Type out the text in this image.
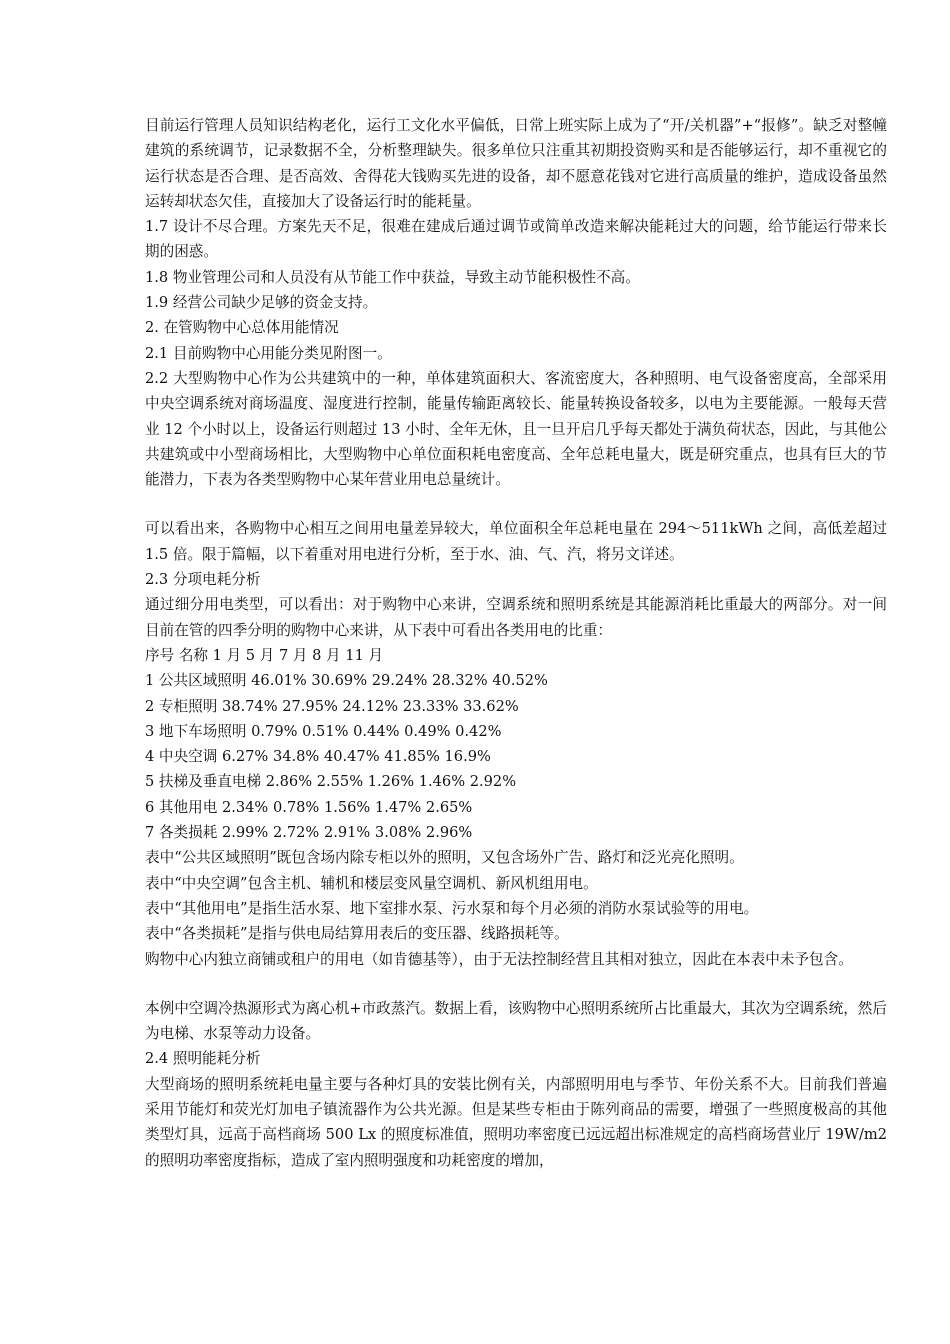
目前运行管理人员知识结构老化，运行工文化水平偏低，日常上班实际上成为了“开/关机器”+“报修”。缺乏对整幢建筑的系统调节，记录数据不全，分析整理缺失。很多单位只注重其初期投资购买和是否能够运行，却不重视它的运行状态是否合理、是否高效、舍得花大钱购买先进的设备，却不愿意花钱对它进行高质量的维护，造成设备虽然运转却状态欠佳，直接加大了设备运行时的能耗量。

1.7 设计不尽合理。方案先天不足，很难在建成后通过调节或简单改造来解决能耗过大的问题，给节能运行带来长期的困惑。

1.8 物业管理公司和人员没有从节能工作中获益，导致主动节能积极性不高。

1.9 经营公司缺少足够的资金支持。

2. 在管购物中心总体用能情况

2.1 目前购物中心用能分类见附图一。

2.2 大型购物中心作为公共建筑中的一种，单体建筑面积大、客流密度大，各种照明、电气设备密度高，全部采用中央空调系统对商场温度、湿度进行控制，能量传输距离较长、能量转换设备较多，以电为主要能源。一般每天营业 12 个小时以上，设备运行则超过 13 小时、全年无休，且一旦开启几乎每天都处于满负荷状态，因此，与其他公共建筑或中小型商场相比，大型购物中心单位面积耗电密度高、全年总耗电量大，既是研究重点，也具有巨大的节能潜力，下表为各类型购物中心某年营业用电总量统计。

可以看出来，各购物中心相互之间用电量差异较大，单位面积全年总耗电量在 294～511kWh 之间，高低差超过 1.5 倍。限于篇幅，以下着重对用电进行分析，至于水、油、气、汽，将另文详述。

2.3 分项电耗分析

通过细分用电类型，可以看出：对于购物中心来讲，空调系统和照明系统是其能源消耗比重最大的两部分。对一间目前在管的四季分明的购物中心来讲，从下表中可看出各类用电的比重：

序号 名称 1 月 5 月 7 月 8 月 11 月

1 公共区域照明 46.01% 30.69% 29.24% 28.32% 40.52%

2 专柜照明 38.74% 27.95% 24.12% 23.33% 33.62%

3 地下车场照明 0.79% 0.51% 0.44% 0.49% 0.42%

4 中央空调 6.27% 34.8% 40.47% 41.85% 16.9%

5 扶梯及垂直电梯 2.86% 2.55% 1.26% 1.46% 2.92%

6 其他用电 2.34% 0.78% 1.56% 1.47% 2.65%

7 各类损耗 2.99% 2.72% 2.91% 3.08% 2.96%

表中“公共区域照明”既包含场内除专柜以外的照明，又包含场外广告、路灯和泛光亮化照明。

表中“中央空调”包含主机、辅机和楼层变风量空调机、新风机组用电。

表中“其他用电”是指生活水泵、地下室排水泵、污水泵和每个月必须的消防水泵试验等的用电。

表中“各类损耗”是指与供电局结算用表后的变压器、线路损耗等。

购物中心内独立商铺或租户的用电（如肯德基等），由于无法控制经营且其相对独立，因此在本表中未予包含。

本例中空调冷热源形式为离心机+市政蒸汽。数据上看，该购物中心照明系统所占比重最大，其次为空调系统，然后为电梯、水泵等动力设备。

2.4 照明能耗分析

大型商场的照明系统耗电量主要与各种灯具的安装比例有关，内部照明用电与季节、年份关系不大。目前我们普遍采用节能灯和荧光灯加电子镇流器作为公共光源。但是某些专柜由于陈列商品的需要，增强了一些照度极高的其他类型灯具，远高于高档商场 500 Lx 的照度标准值，照明功率密度已远远超出标准规定的高档商场营业厅 19W/m2 的照明功率密度指标，造成了室内照明强度和功耗密度的增加，
